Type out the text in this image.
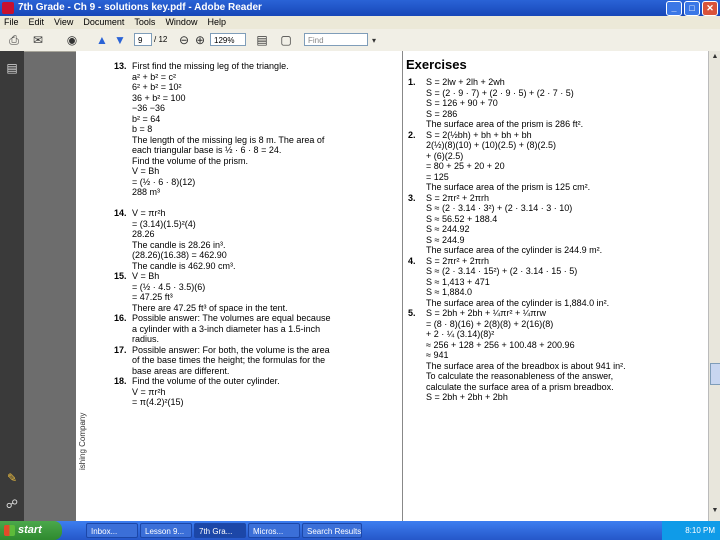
7th Grade - Ch 9 - solutions key.pdf - Adobe Reader	_	□	✕
File Edit View Document Tools Window Help
⎙ ✉ ◉ ▲ ▼	9	/ 12 ⊖ ⊕	129%	▤ ▢	Find	▾
▤
✎
☍
13. First find the missing leg of the triangle.
a² + b² = c²
6² + b² = 10²
36 + b² = 100
−36 −36
b² = 64
b = 8
The length of the missing leg is 8 m. The area of
each triangular base is ½ · 6 · 8 = 24.
Find the volume of the prism.
V = Bh
= (½ · 6 · 8)(12)
288 m³
14. V = πr²h
= (3.14)(1.5)²(4)
28.26
The candle is 28.26 in³.
(28.26)(16.38) = 462.90
The candle is 462.90 cm³.
15. V = Bh
= (½ · 4.5 · 3.5)(6)
= 47.25 ft³
There are 47.25 ft³ of space in the tent.
16. Possible answer: The volumes are equal because
a cylinder with a 3-inch diameter has a 1.5-inch
radius.
17. Possible answer: For both, the volume is the area
of the base times the height; the formulas for the
base areas are different.
18. Find the volume of the outer cylinder.
V = πr²h
= π(4.2)²(15)
Exercises
1. S = 2lw + 2lh + 2wh
S = (2 · 9 · 7) + (2 · 9 · 5) + (2 · 7 · 5)
S = 126 + 90 + 70
S = 286
The surface area of the prism is 286 ft².
2. S = 2(½bh) + bh + bh + bh
2(½)(8)(10) + (10)(2.5) + (8)(2.5)
+ (6)(2.5)
= 80 + 25 + 20 + 20
= 125
The surface area of the prism is 125 cm².
3. S = 2πr² + 2πrh
S ≈ (2 · 3.14 · 3²) + (2 · 3.14 · 3 · 10)
S ≈ 56.52 + 188.4
S ≈ 244.92
S ≈ 244.9
The surface area of the cylinder is 244.9 m².
4. S = 2πr² + 2πrh
S ≈ (2 · 3.14 · 15²) + (2 · 3.14 · 15 · 5)
S ≈ 1,413 + 471
S ≈ 1,884.0
The surface area of the cylinder is 1,884.0 in².
5. S = 2bh + 2bh + ¼πr² + ¼πrw
= (8 · 8)(16) + 2(8)(8) + 2(16)(8)
+ 2 · ¼ (3.14)(8)²
≈ 256 + 128 + 256 + 100.48 + 200.96
≈ 941
The surface area of the breadbox is about 941 in².
To calculate the reasonableness of the answer,
calculate the surface area of a prism breadbox.
S = 2bh + 2bh + 2bh
ishing Company
▲
▼
start	Inbox...	Lesson 9...	7th Gra...	Micros...	Search Results	8:10 PM
